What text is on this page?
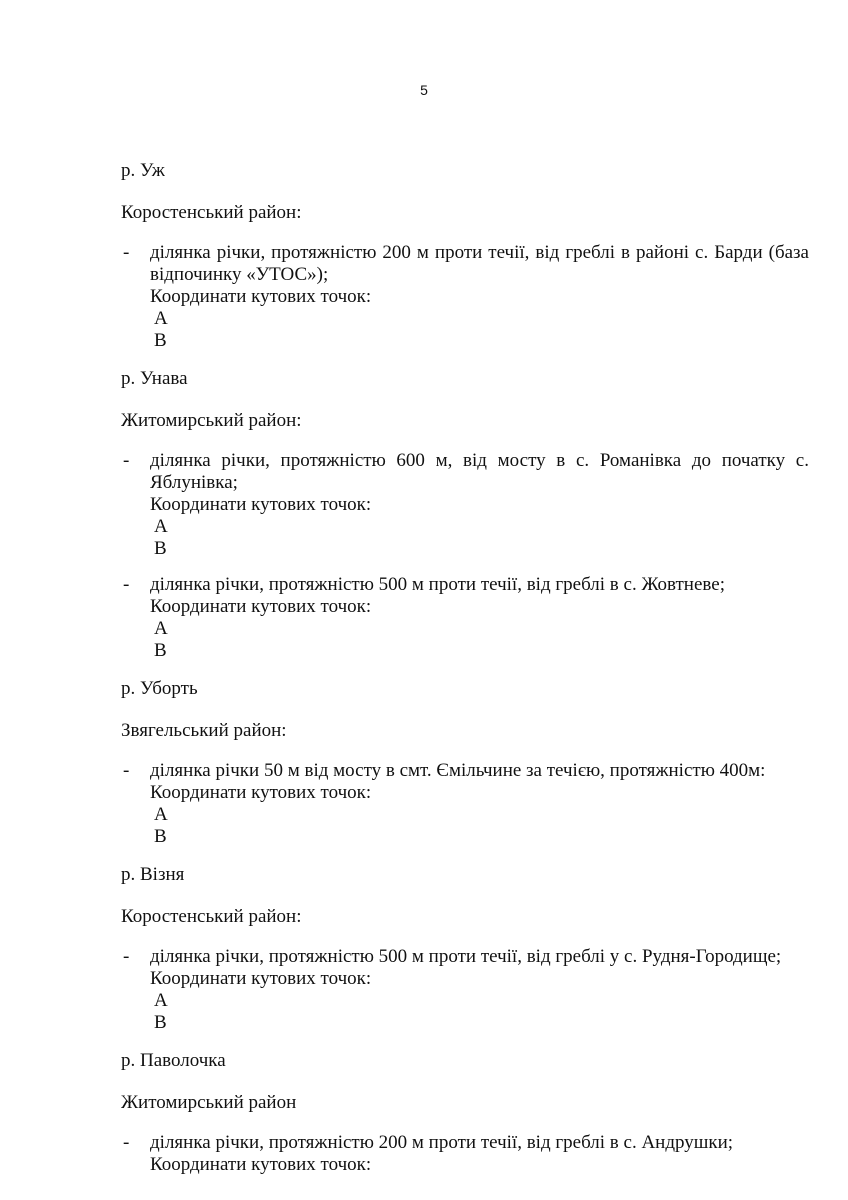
5
р. Уж
Коростенський район:
- ділянка річки, протяжністю 200 м проти течії, від греблі в районі с. Барди (база відпочинку «УТОС»);
Координати кутових точок:
А
В
р. Унава
Житомирський район:
- ділянка річки, протяжністю 600 м, від мосту в с. Романівка до початку с. Яблунівка;
Координати кутових точок:
А
В
- ділянка річки, протяжністю 500 м проти течії, від греблі в с. Жовтневе;
Координати кутових точок:
А
В
р. Уборть
Звягельський район:
- ділянка річки 50 м від мосту в смт. Ємільчине за течією, протяжністю 400м:
Координати кутових точок:
А
В
р. Візня
Коростенський район:
- ділянка річки, протяжністю 500 м проти течії, від греблі у с. Рудня-Городище;
Координати кутових точок:
А
В
р. Паволочка
Житомирський район
- ділянка річки, протяжністю 200 м проти течії, від греблі в с. Андрушки;
Координати кутових точок:
